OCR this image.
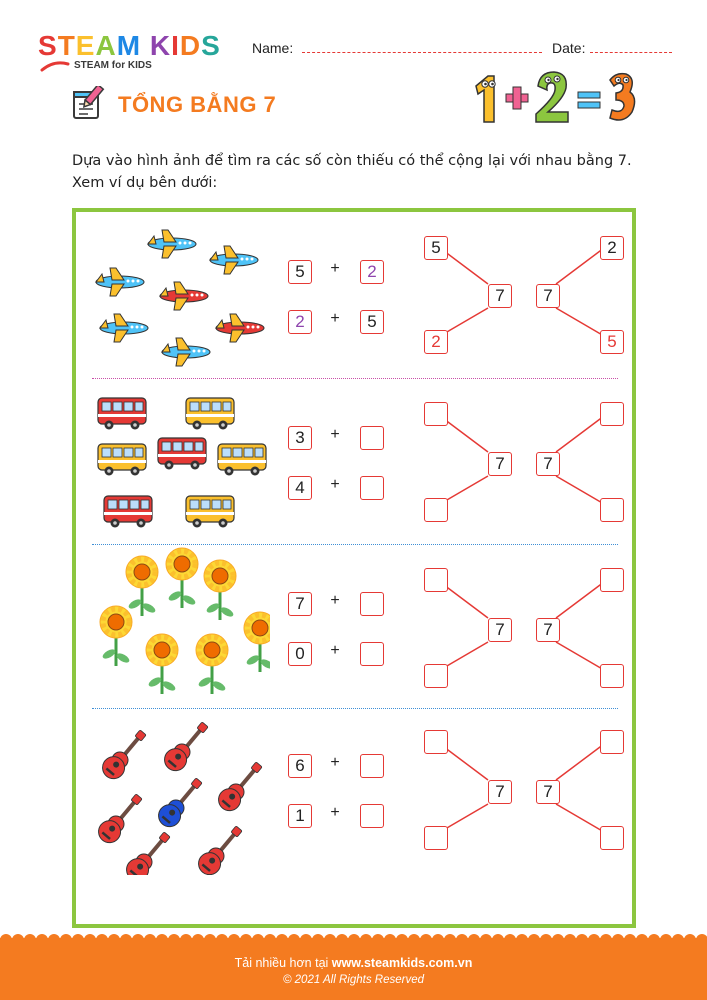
STEAM KIDS
STEAM for KIDS
Name:	Date:
TỔNG BẰNG 7
Dựa vào hình ảnh để tìm ra các số còn thiếu có thể cộng lại với nhau bằng 7.
Xem ví dụ bên dưới:
5	+	2
2	+	5
5
2
7	7
2
5
3	+
4	+
7	7
7	+
0	+
7	7
6	+
1	+
7	7
Tải nhiều hơn tại www.steamkids.com.vn
© 2021 All Rights Reserved
